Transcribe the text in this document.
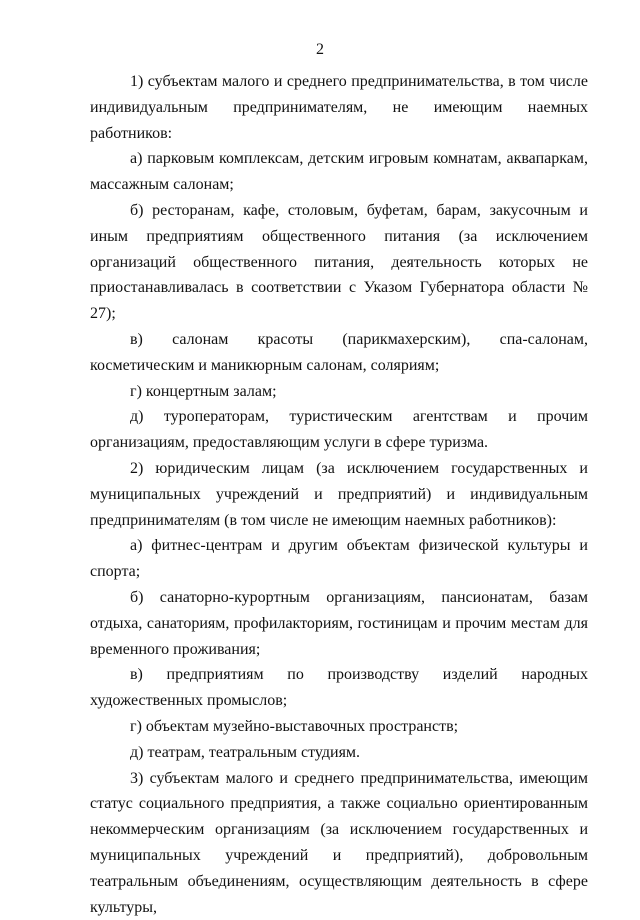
2

1) субъектам малого и среднего предпринимательства, в том числе индивидуальным предпринимателям, не имеющим наемных работников:

а) парковым комплексам, детским игровым комнатам, аквапаркам, массажным салонам;

б) ресторанам, кафе, столовым, буфетам, барам, закусочным и иным предприятиям общественного питания (за исключением организаций общественного питания, деятельность которых не приостанавливалась в соответствии с Указом Губернатора области № 27);

в) салонам красоты (парикмахерским), спа-салонам, косметическим и маникюрным салонам, соляриям;

г) концертным залам;

д) туроператорам, туристическим агентствам и прочим организациям, предоставляющим услуги в сфере туризма.

2) юридическим лицам (за исключением государственных и муниципальных учреждений и предприятий) и индивидуальным предпринимателям (в том числе не имеющим наемных работников):

а) фитнес-центрам и другим объектам физической культуры и спорта;

б) санаторно-курортным организациям, пансионатам, базам отдыха, санаториям, профилакториям, гостиницам и прочим местам для временного проживания;

в) предприятиям по производству изделий народных художественных промыслов;

г) объектам музейно-выставочных пространств;

д) театрам, театральным студиям.

3) субъектам малого и среднего предпринимательства, имеющим статус социального предприятия, а также социально ориентированным некоммерческим организациям (за исключением государственных и муниципальных учреждений и предприятий), добровольным театральным объединениям, осуществляющим деятельность в сфере культуры,
